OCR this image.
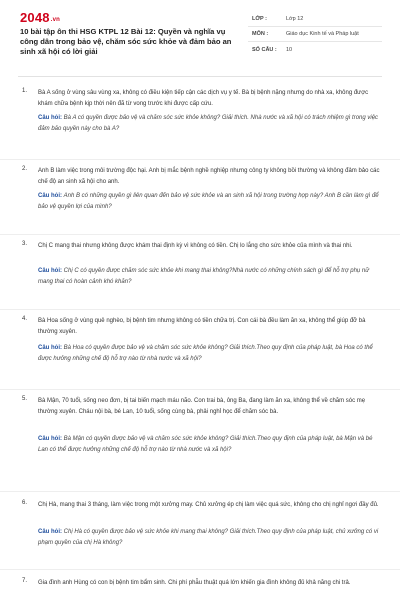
2048.vn
10 bài tập ôn thi HSG KTPL 12 Bài 12: Quyền và nghĩa vụ công dân trong bảo vệ, chăm sóc sức khỏe và đảm bảo an sinh xã hội có lời giải
LỚP :	Lớp 12
MÔN :	Giáo dục Kinh tế và Pháp luật
SỐ CÂU :	10
1. Bà A sống ở vùng sâu vùng xa, không có điều kiện tiếp cận các dịch vụ y tế. Bà bị bệnh nặng nhưng do nhà xa, không được khám chữa bệnh kịp thời nên đã từ vong trước khi được cấp cứu.
Câu hỏi: Bà A có quyền được bảo vệ và chăm sóc sức khỏe không? Giải thích. Nhà nước và xã hội có trách nhiệm gì trong việc đảm bảo quyền này cho bà A?
2. Anh B làm việc trong môi trường độc hại. Anh bị mắc bệnh nghề nghiệp nhưng công ty không bồi thường và không đảm bảo các chế độ an sinh xã hội cho anh.
Câu hỏi: Anh B có những quyền gì liên quan đến bảo vệ sức khỏe và an sinh xã hội trong trường hợp này? Anh B cần làm gì để bảo vệ quyền lợi của mình?
3. Chị C mang thai nhưng không được khám thai định kỳ vì không có tiền. Chị lo lắng cho sức khỏe của mình và thai nhi.
Câu hỏi: Chị C có quyền được chăm sóc sức khỏe khi mang thai không?Nhà nước có những chính sách gì để hỗ trợ phụ nữ mang thai có hoàn cảnh khó khăn?
4. Bà Hoa sống ở vùng quê nghèo, bị bệnh tim nhưng không có tiền chữa trị. Con cái bà đều làm ăn xa, không thể giúp đỡ bà thường xuyên.
Câu hỏi: Bà Hoa có quyền được bảo vệ và chăm sóc sức khỏe không? Giải thích.Theo quy định của pháp luật, bà Hoa có thể được hưởng những chế độ hỗ trợ nào từ nhà nước và xã hội?
5. Bà Mận, 70 tuổi, sống neo đơn, bị tai biến mạch máu não. Con trai bà, ông Ba, đang làm ăn xa, không thể về chăm sóc mẹ thường xuyên. Cháu nội bà, bé Lan, 10 tuổi, sống cùng bà, phải nghỉ học để chăm sóc bà.
Câu hỏi: Bà Mận có quyền được bảo vệ và chăm sóc sức khỏe không? Giải thích.Theo quy định của pháp luật, bà Mận và bé Lan có thể được hưởng những chế độ hỗ trợ nào từ nhà nước và xã hội?
6. Chị Hà, mang thai 3 tháng, làm việc trong một xưởng may. Chủ xưởng ép chị làm việc quá sức, không cho chị nghỉ ngơi đầy đủ.
Câu hỏi: Chị Hà có quyền được bảo vệ sức khỏe khi mang thai không? Giải thích.Theo quy định của pháp luật, chủ xưởng có vi phạm quyền của chị Hà không?
7. Gia đình anh Hùng có con bị bệnh tim bẩm sinh. Chi phí phẫu thuật quá lớn khiến gia đình không đủ khả năng chi trả.
